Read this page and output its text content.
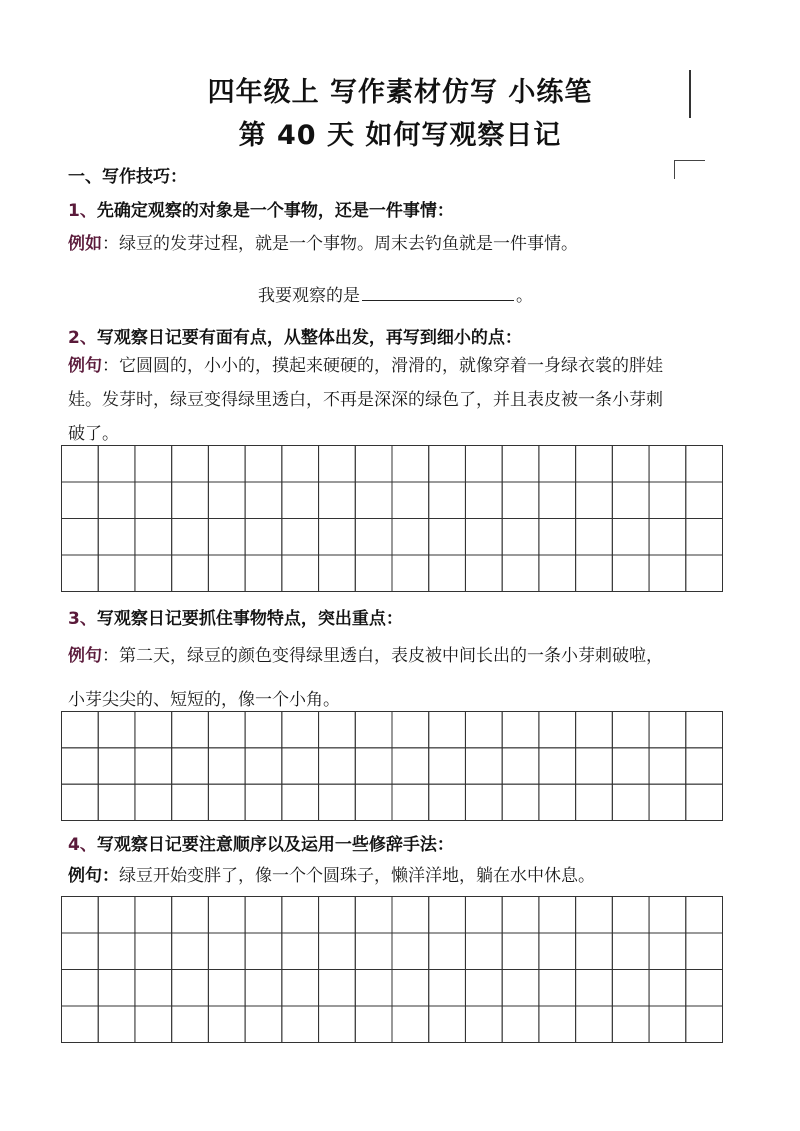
四年级上 写作素材仿写 小练笔
第 40 天 如何写观察日记
一、写作技巧：
1、先确定观察的对象是一个事物，还是一件事情：
例如：绿豆的发芽过程，就是一个事物。周末去钓鱼就是一件事情。
我要观察的是	。
2、写观察日记要有面有点，从整体出发，再写到细小的点：
例句：它圆圆的，小小的，摸起来硬硬的，滑滑的，就像穿着一身绿衣裳的胖娃
娃。发芽时，绿豆变得绿里透白，不再是深深的绿色了，并且表皮被一条小芽刺
破了。
3、写观察日记要抓住事物特点，突出重点：
例句：第二天，绿豆的颜色变得绿里透白，表皮被中间长出的一条小芽刺破啦，
小芽尖尖的、短短的，像一个小角。
4、写观察日记要注意顺序以及运用一些修辞手法：
例句：绿豆开始变胖了，像一个个圆珠子，懒洋洋地，躺在水中休息。
